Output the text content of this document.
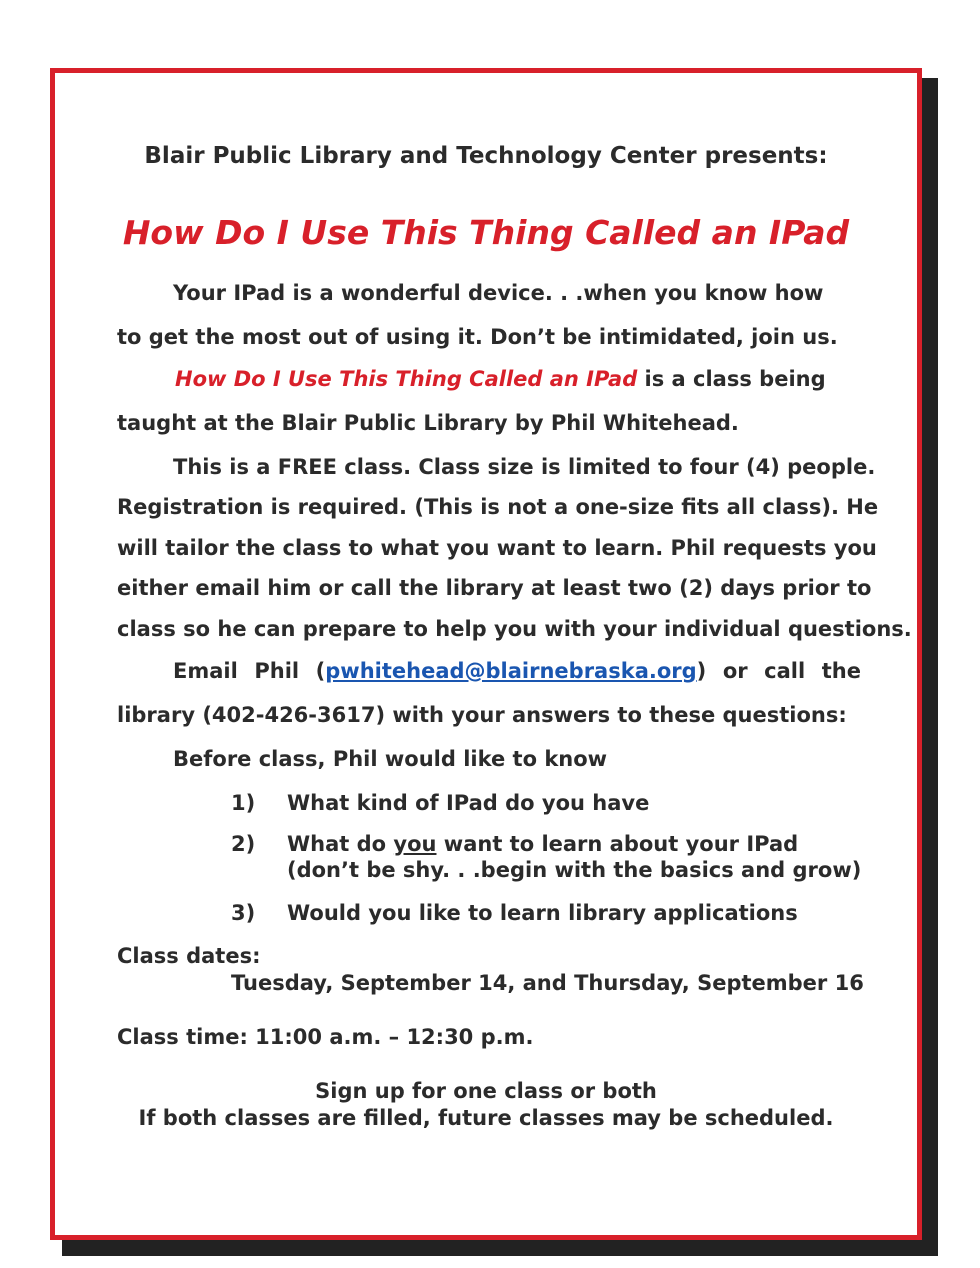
Blair Public Library and Technology Center presents:
How Do I Use This Thing Called an IPad
Your IPad is a wonderful device. . .when you know how
to get the most out of using it. Don’t be intimidated, join us.
How Do I Use This Thing Called an IPad is a class being
taught at the Blair Public Library by Phil Whitehead.
This is a FREE class. Class size is limited to four (4) people.
Registration is required. (This is not a one-size fits all class). He
will tailor the class to what you want to learn. Phil requests you
either email him or call the library at least two (2) days prior to
class so he can prepare to help you with your individual questions.
Email Phil (pwhitehead@blairnebraska.org) or call the
library (402-426-3617) with your answers to these questions:
Before class, Phil would like to know
1) What kind of IPad do you have
2) What do you want to learn about your IPad
(don’t be shy. . .begin with the basics and grow)
3) Would you like to learn library applications
Class dates:
Tuesday, September 14, and Thursday, September 16
Class time: 11:00 a.m. – 12:30 p.m.
Sign up for one class or both
If both classes are filled, future classes may be scheduled.
